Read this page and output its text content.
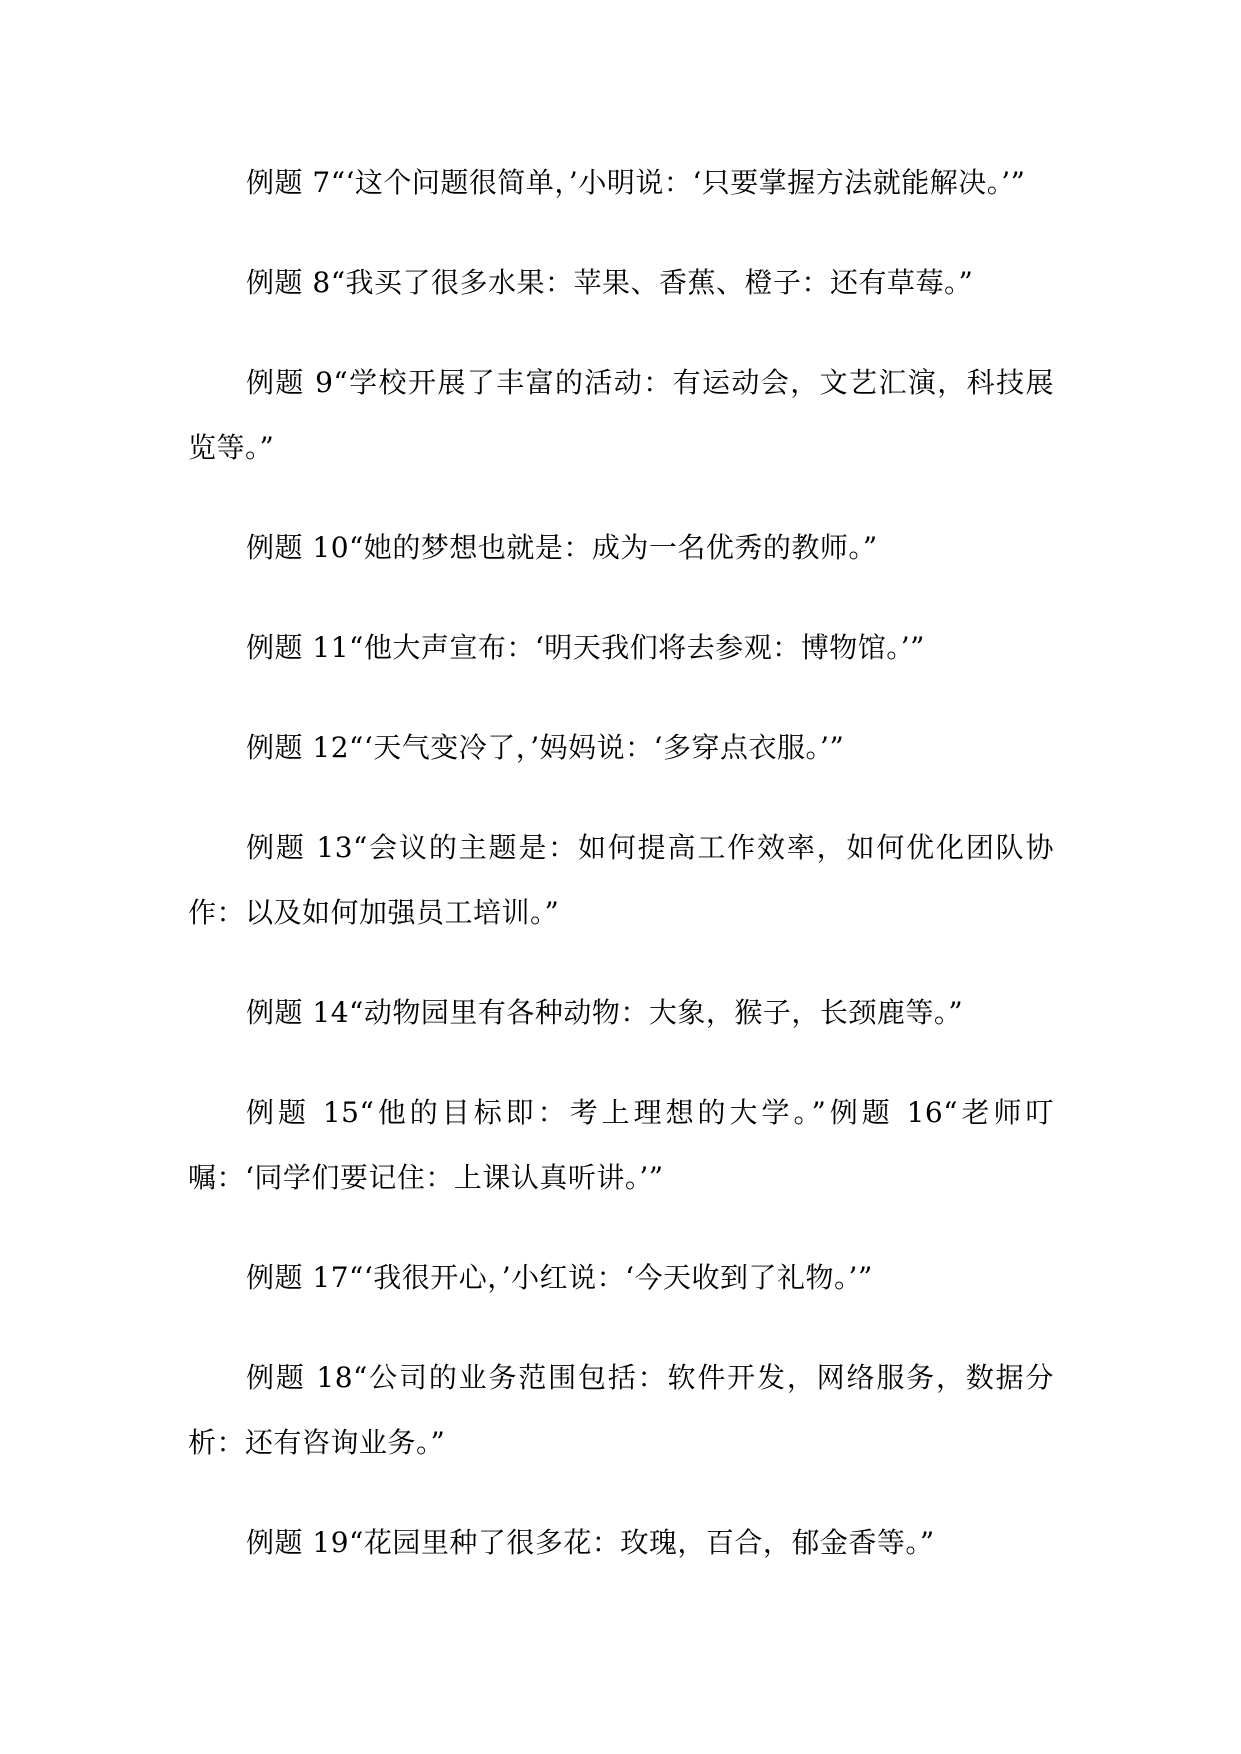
例题 7“‘这个问题很简单，’小明说：‘只要掌握方法就能解决。’”

例题 8“我买了很多水果：苹果、香蕉、橙子：还有草莓。”

例题 9“学校开展了丰富的活动：有运动会，文艺汇演，科技展览等。”

例题 10“她的梦想也就是：成为一名优秀的教师。”

例题 11“他大声宣布：‘明天我们将去参观：博物馆。’”

例题 12“‘天气变冷了，’妈妈说：‘多穿点衣服。’”

例题 13“会议的主题是：如何提高工作效率，如何优化团队协作：以及如何加强员工培训。”

例题 14“动物园里有各种动物：大象，猴子，长颈鹿等。”

例题 15“他的目标即：考上理想的大学。”例题 16“老师叮嘱：‘同学们要记住：上课认真听讲。’”

例题 17“‘我很开心，’小红说：‘今天收到了礼物。’”

例题 18“公司的业务范围包括：软件开发，网络服务，数据分析：还有咨询业务。”

例题 19“花园里种了很多花：玫瑰，百合，郁金香等。”
